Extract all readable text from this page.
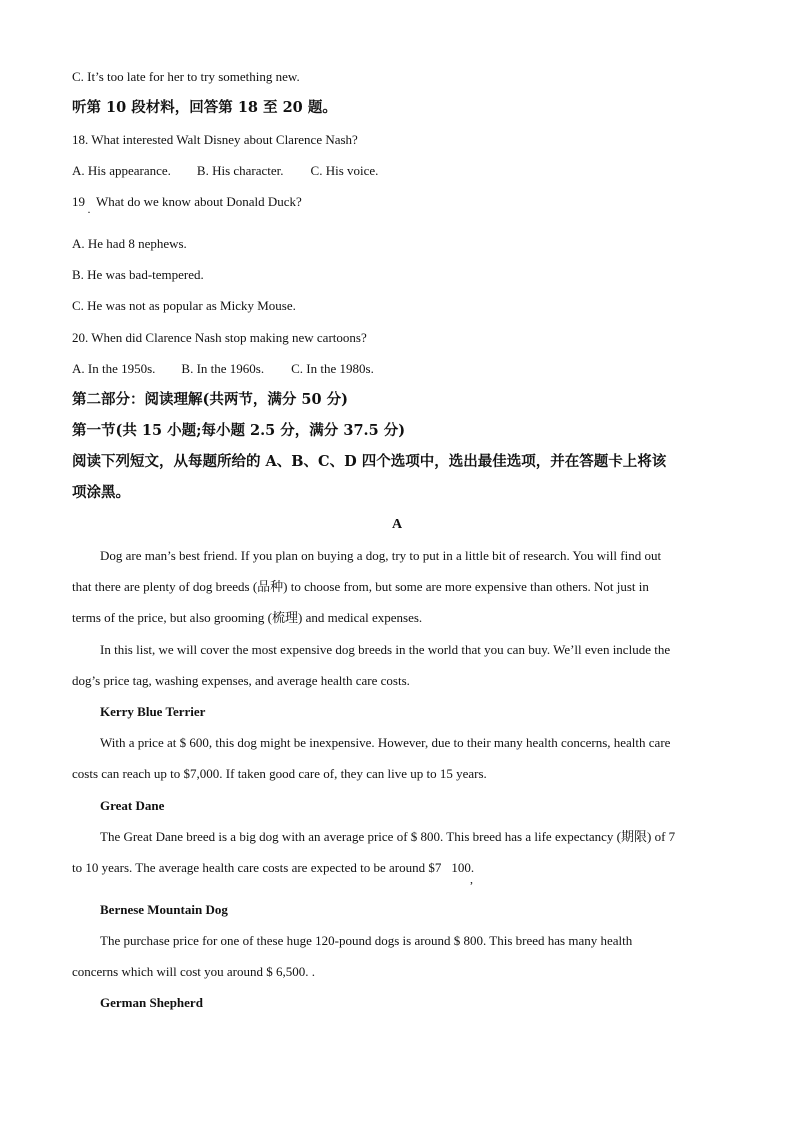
C. It’s too late for her to try something new.
听第 10 段材料，回答第 18 至 20 题。
18. What interested Walt Disney about Clarence Nash?
A. His appearance. B. His character. C. His voice.
19 What do we know about Donald Duck?
·
A. He had 8 nephews.
B. He was bad-tempered.
C. He was not as popular as Micky Mouse.
20. When did Clarence Nash stop making new cartoons?
A. In the 1950s. B. In the 1960s. C. In the 1980s.
第二部分：阅读理解(共两节，满分 50 分)
第一节(共 15 小题;每小题 2.5 分，满分 37.5 分)
阅读下列短文，从每题所给的 A、B、C、D 四个选项中，选出最佳选项，并在答题卡上将该
项涂黑。
A
Dog are man’s best friend. If you plan on buying a dog, try to put in a little bit of research. You will find out
that there are plenty of dog breeds (品种) to choose from, but some are more expensive than others. Not just in
terms of the price, but also grooming (梳理) and medical expenses.
In this list, we will cover the most expensive dog breeds in the world that you can buy. We’ll even include the
dog’s price tag, washing expenses, and average health care costs.
Kerry Blue Terrier
With a price at $ 600, this dog might be inexpensive. However, due to their many health concerns, health care
costs can reach up to $7,000. If taken good care of, they can live up to 15 years.
Great Dane
The Great Dane breed is a big dog with an average price of $ 800. This breed has a life expectancy (期限) of 7
to 10 years. The average health care costs are expected to be around $7 100.
,
Bernese Mountain Dog
The purchase price for one of these huge 120-pound dogs is around $ 800. This breed has many health
concerns which will cost you around $ 6,500. .
German Shepherd
